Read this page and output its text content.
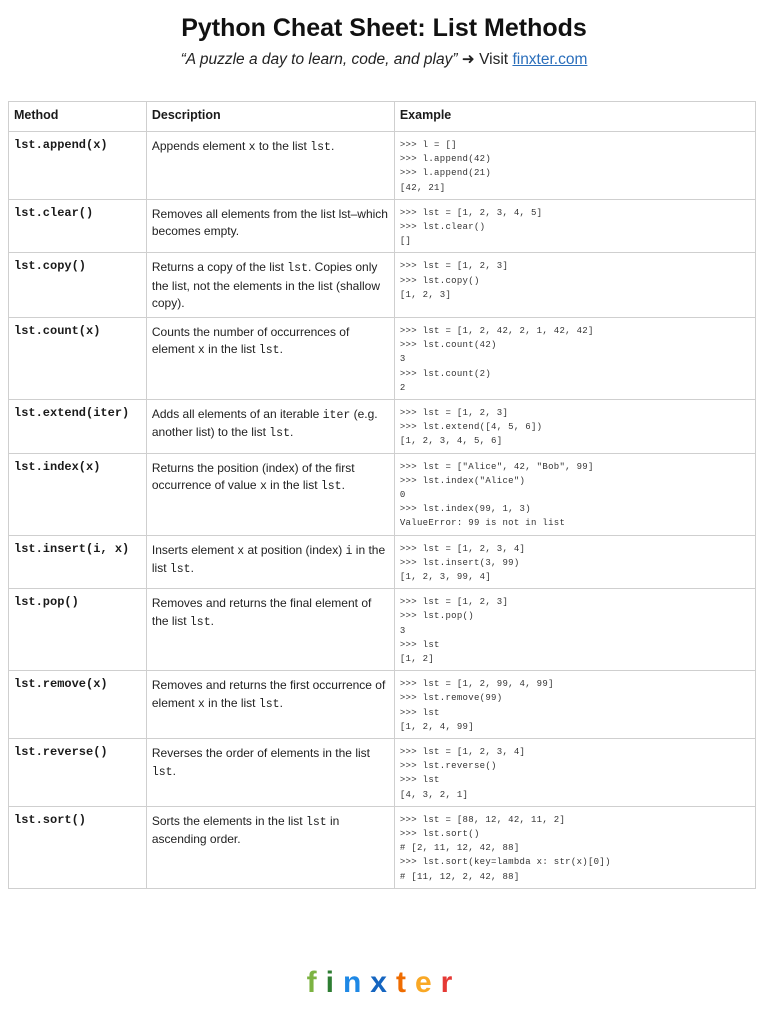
Python Cheat Sheet: List Methods
“A puzzle a day to learn, code, and play” ➜ Visit finxter.com
Method	Description	Example
lst.append(x)	Appends element x to the list lst.	>>> l = []
>>> l.append(42)
>>> l.append(21)
[42, 21]
lst.clear()	Removes all elements from the list lst–which becomes empty.	>>> lst = [1, 2, 3, 4, 5]
>>> lst.clear()
[]
lst.copy()	Returns a copy of the list lst. Copies only the list, not the elements in the list (shallow copy).	>>> lst = [1, 2, 3]
>>> lst.copy()
[1, 2, 3]
lst.count(x)	Counts the number of occurrences of element x in the list lst.	>>> lst = [1, 2, 42, 2, 1, 42, 42]
>>> lst.count(42)
3
>>> lst.count(2)
2
lst.extend(iter)	Adds all elements of an iterable iter (e.g. another list) to the list lst.	>>> lst = [1, 2, 3]
>>> lst.extend([4, 5, 6])
[1, 2, 3, 4, 5, 6]
lst.index(x)	Returns the position (index) of the first occurrence of value x in the list lst.	>>> lst = ["Alice", 42, "Bob", 99]
>>> lst.index("Alice")
0
>>> lst.index(99, 1, 3)
ValueError: 99 is not in list
lst.insert(i, x)	Inserts element x at position (index) i in the list lst.	>>> lst = [1, 2, 3, 4]
>>> lst.insert(3, 99)
[1, 2, 3, 99, 4]
lst.pop()	Removes and returns the final element of the list lst.	>>> lst = [1, 2, 3]
>>> lst.pop()
3
>>> lst
[1, 2]
lst.remove(x)	Removes and returns the first occurrence of element x in the list lst.	>>> lst = [1, 2, 99, 4, 99]
>>> lst.remove(99)
>>> lst
[1, 2, 4, 99]
lst.reverse()	Reverses the order of elements in the list lst.	>>> lst = [1, 2, 3, 4]
>>> lst.reverse()
>>> lst
[4, 3, 2, 1]
lst.sort()	Sorts the elements in the list lst in ascending order.	>>> lst = [88, 12, 42, 11, 2]
>>> lst.sort()
# [2, 11, 12, 42, 88]
>>> lst.sort(key=lambda x: str(x)[0])
# [11, 12, 2, 42, 88]
finxter
